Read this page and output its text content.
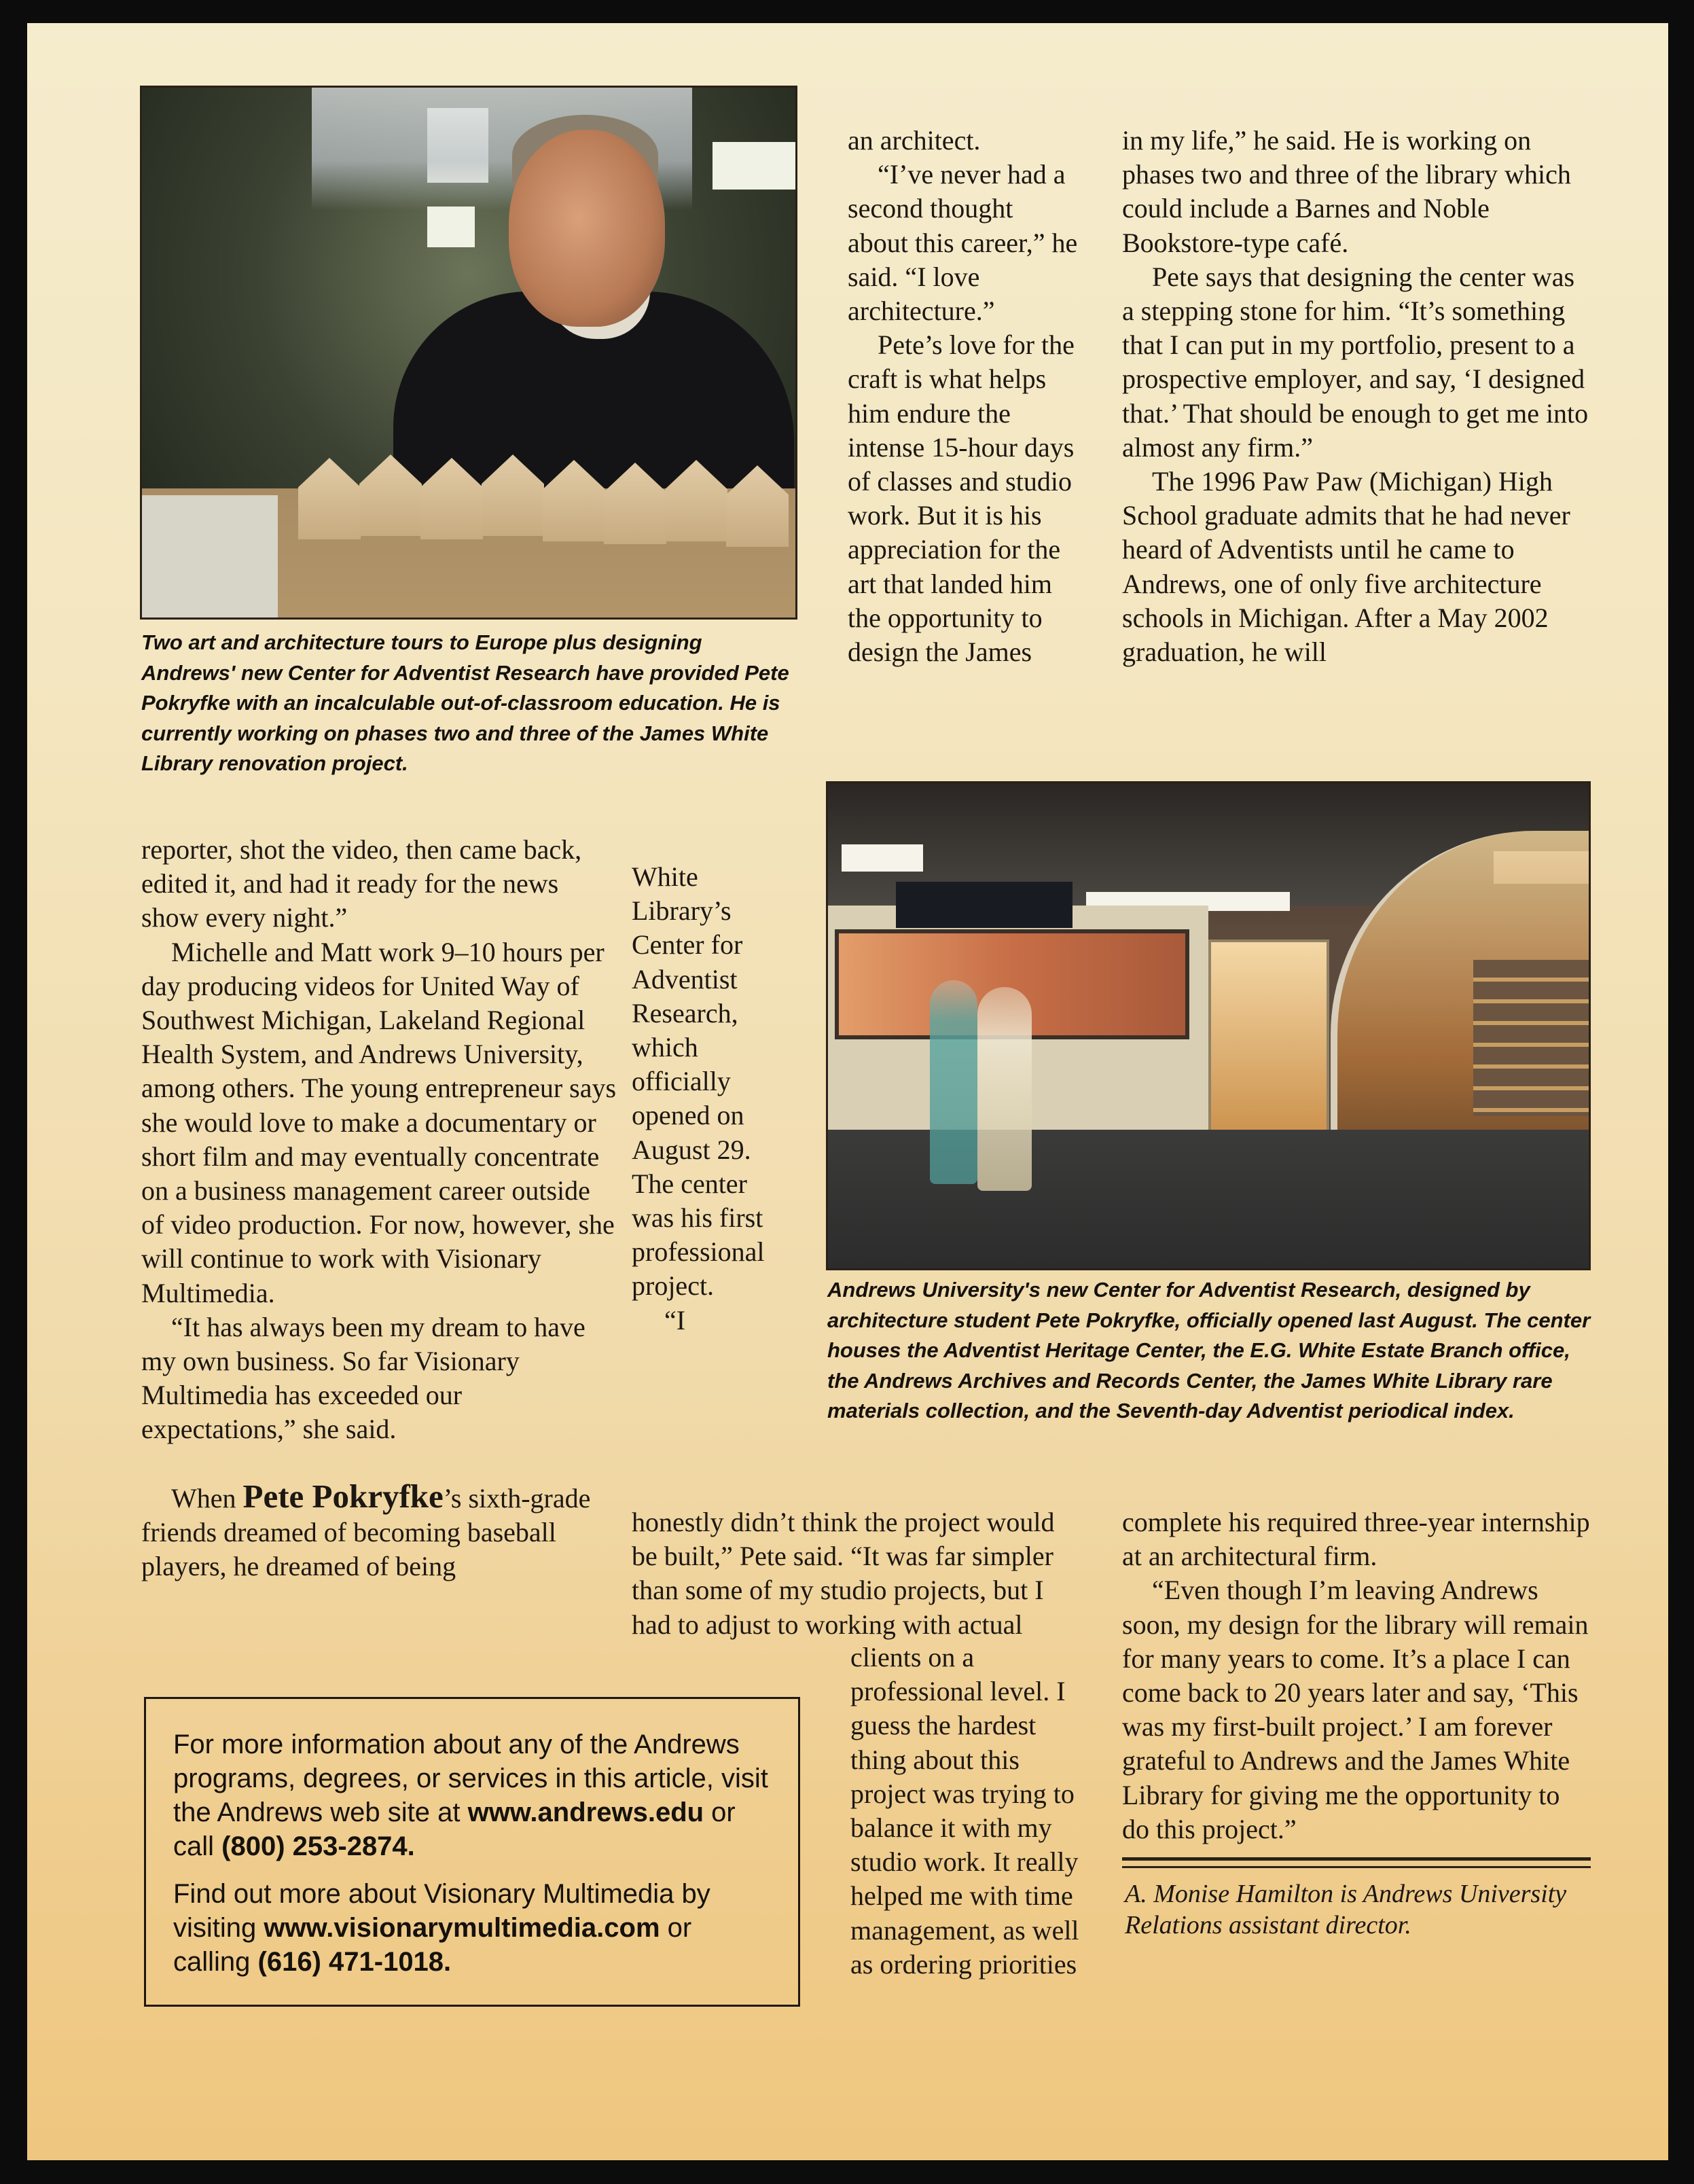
Two art and architecture tours to Europe plus designing Andrews' new Center for Adventist Research have provided Pete Pokryfke with an incalculable out-of-classroom education. He is currently working on phases two and three of the James White Library renovation project.

an architect.

“I’ve never had a second thought about this career,” he said. “I love architecture.”

Pete’s love for the craft is what helps him endure the intense 15-hour days of classes and studio work. But it is his appreciation for the art that landed him the opportunity to design the James

in my life,” he said. He is working on phases two and three of the library which could include a Barnes and Noble Bookstore-type café.

Pete says that designing the center was a stepping stone for him. “It’s something that I can put in my portfolio, present to a prospective employer, and say, ‘I designed that.’ That should be enough to get me into almost any firm.”

The 1996 Paw Paw (Michigan) High School graduate admits that he had never heard of Adventists until he came to Andrews, one of only five architecture schools in Michigan. After a May 2002 graduation, he will

Andrews University's new Center for Adventist Research, designed by architecture student Pete Pokryfke, officially opened last August. The center houses the Adventist Heritage Center, the E.G. White Estate Branch office, the Andrews Archives and Records Center, the James White Library rare materials collection, and the Seventh-day Adventist periodical index.

reporter, shot the video, then came back, edited it, and had it ready for the news show every night.”

Michelle and Matt work 9–10 hours per day producing videos for United Way of Southwest Michigan, Lakeland Regional Health System, and Andrews University, among others. The young entrepreneur says she would love to make a documentary or short film and may eventually concentrate on a business management career outside of video production. For now, however, she will continue to work with Visionary Multimedia.

“It has always been my dream to have my own business. So far Visionary Multimedia has exceeded our expectations,” she said.

When Pete Pokryfke’s sixth-grade friends dreamed of becoming baseball players, he dreamed of being

White Library’s Center for Adventist Research, which officially opened on August 29. The center was his first professional project.

“I

honestly didn’t think the project would be built,” Pete said. “It was far simpler than some of my studio projects, but I had to adjust to working with actual

clients on a professional level. I guess the hardest thing about this project was trying to balance it with my studio work. It really helped me with time management, as well as ordering priorities

complete his required three-year internship at an architectural firm.

“Even though I’m leaving Andrews soon, my design for the library will remain for many years to come. It’s a place I can come back to 20 years later and say, ‘This was my first-built project.’ I am forever grateful to Andrews and the James White Library for giving me the opportunity to do this project.”

A. Monise Hamilton is Andrews University Relations assistant director.

For more information about any of the Andrews programs, degrees, or services in this article, visit the Andrews web site at www.andrews.edu or call (800) 253-2874.

Find out more about Visionary Multimedia by visiting www.visionarymultimedia.com or calling (616) 471-1018.
